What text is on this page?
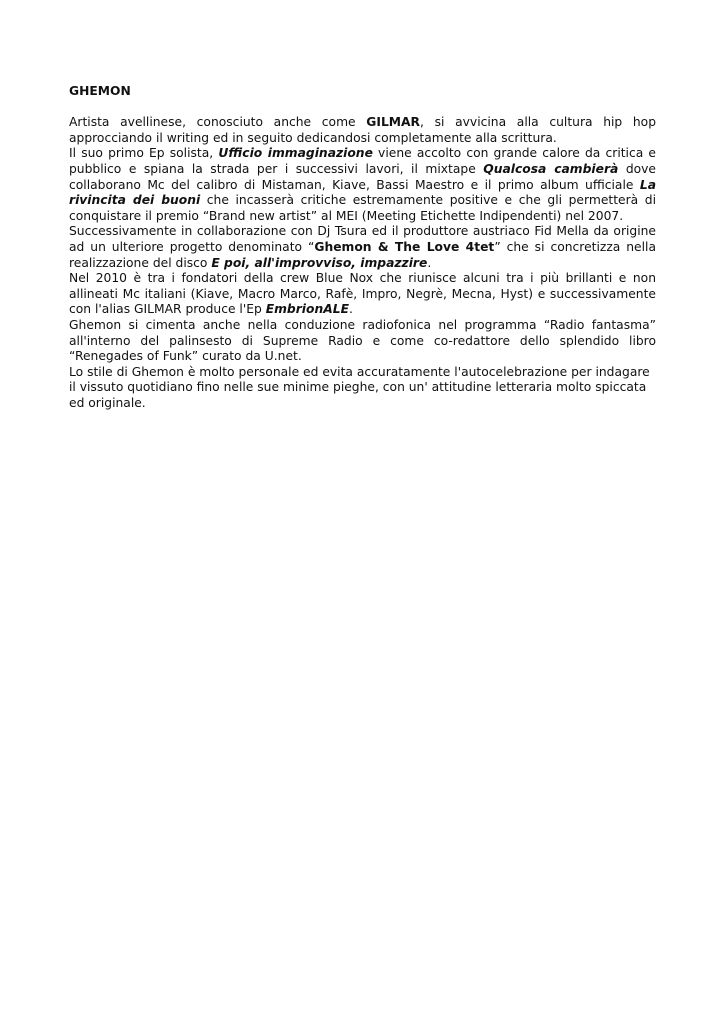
GHEMON

Artista avellinese, conosciuto anche come GILMAR, si avvicina alla cultura hip hop approcciando il writing ed in seguito dedicandosi completamente alla scrittura.

Il suo primo Ep solista, Ufficio immaginazione viene accolto con grande calore da critica e pubblico e spiana la strada per i successivi lavori, il mixtape Qualcosa cambierà dove collaborano Mc del calibro di Mistaman, Kiave, Bassi Maestro e il primo album ufficiale La rivincita dei buoni che incasserà critiche estremamente positive e che gli permetterà di conquistare il premio “Brand new artist” al MEI (Meeting Etichette Indipendenti) nel 2007.

Successivamente in collaborazione con Dj Tsura ed il produttore austriaco Fid Mella da origine ad un ulteriore progetto denominato “Ghemon & The Love 4tet” che si concretizza nella realizzazione del disco E poi, all'improvviso, impazzire.

Nel 2010 è tra i fondatori della crew Blue Nox che riunisce alcuni tra i più brillanti e non allineati Mc italiani (Kiave, Macro Marco, Rafè, Impro, Negrè, Mecna, Hyst) e successivamente con l'alias GILMAR produce l'Ep EmbrionALE.

Ghemon si cimenta anche nella conduzione radiofonica nel programma “Radio fantasma” all'interno del palinsesto di Supreme Radio e come co-redattore dello splendido libro “Renegades of Funk” curato da U.net.

Lo stile di Ghemon è molto personale ed evita accuratamente l'autocelebrazione per indagare il vissuto quotidiano fino nelle sue minime pieghe, con un' attitudine letteraria molto spiccata ed originale.
